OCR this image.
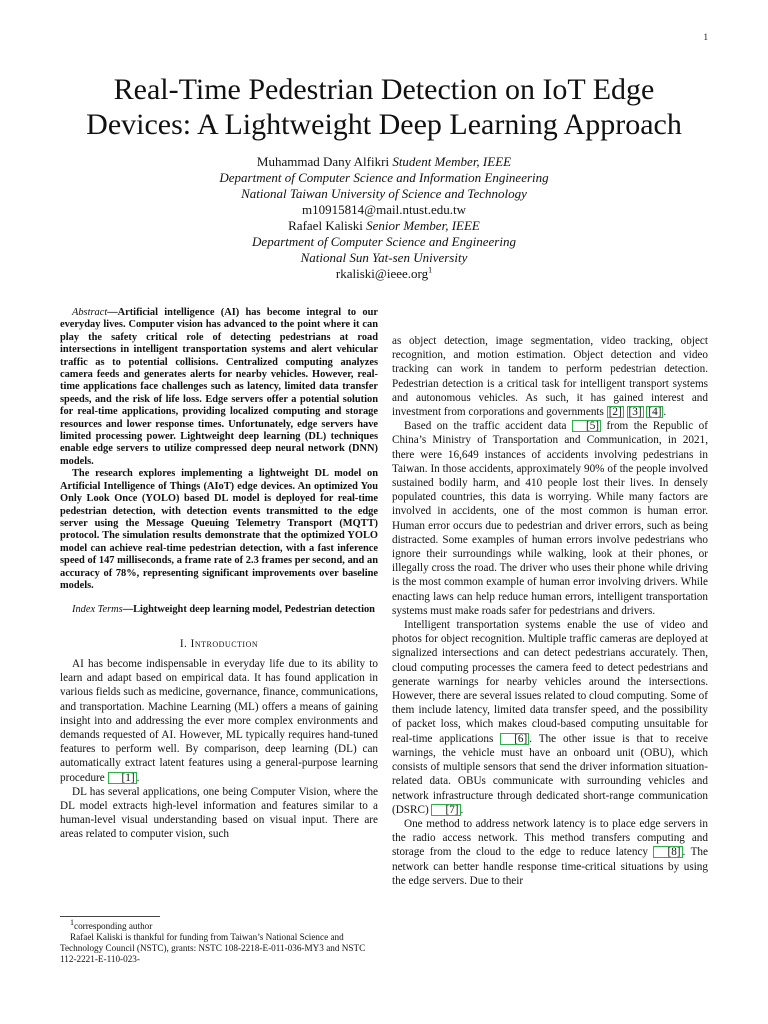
1
Real-Time Pedestrian Detection on IoT Edge
Devices: A Lightweight Deep Learning Approach
Muhammad Dany Alfikri Student Member, IEEE
Department of Computer Science and Information Engineering
National Taiwan University of Science and Technology
m10915814@mail.ntust.edu.tw
Rafael Kaliski Senior Member, IEEE
Department of Computer Science and Engineering
National Sun Yat-sen University
rkaliski@ieee.org$^1$

Abstract—Artificial intelligence (AI) has become integral to our everyday lives. Computer vision has advanced to the point where it can play the safety critical role of detecting pedestrians at road intersections in intelligent transportation systems and alert vehicular traffic as to potential collisions. Centralized computing analyzes camera feeds and generates alerts for nearby vehicles. However, real-time applications face challenges such as latency, limited data transfer speeds, and the risk of life loss. Edge servers offer a potential solution for real-time applications, providing localized computing and storage resources and lower response times. Unfortunately, edge servers have limited processing power. Lightweight deep learning (DL) techniques enable edge servers to utilize compressed deep neural network (DNN) models.

The research explores implementing a lightweight DL model on Artificial Intelligence of Things (AIoT) edge devices. An optimized You Only Look Once (YOLO) based DL model is deployed for real-time pedestrian detection, with detection events transmitted to the edge server using the Message Queuing Telemetry Transport (MQTT) protocol. The simulation results demonstrate that the optimized YOLO model can achieve real-time pedestrian detection, with a fast inference speed of 147 milliseconds, a frame rate of 2.3 frames per second, and an accuracy of 78%, representing significant improvements over baseline models.

Index Terms—Lightweight deep learning model, Pedestrian detection

I. Introduction

AI has become indispensable in everyday life due to its ability to learn and adapt based on empirical data. It has found application in various fields such as medicine, governance, finance, communications, and transportation. Machine Learning (ML) offers a means of gaining insight into and addressing the ever more complex environments and demands requested of AI. However, ML typically requires hand-tuned features to perform well. By comparison, deep learning (DL) can automatically extract latent features using a general-purpose learning procedure [1] .

DL has several applications, one being Computer Vision, where the DL model extracts high-level information and features similar to a human-level visual understanding based on visual input. There are areas related to computer vision, such

$^1$corresponding author

Rafael Kaliski is thankful for funding from Taiwan’s National Science and Technology Council (NSTC), grants: NSTC 108-2218-E-011-036-MY3 and NSTC 112-2221-E-110-023-

as object detection, image segmentation, video tracking, object recognition, and motion estimation. Object detection and video tracking can work in tandem to perform pedestrian detection. Pedestrian detection is a critical task for intelligent transport systems and autonomous vehicles. As such, it has gained interest and investment from corporations and governments [2] [3] [4] .

Based on the traffic accident data [5] from the Republic of China’s Ministry of Transportation and Communication, in 2021, there were 16,649 instances of accidents involving pedestrians in Taiwan. In those accidents, approximately 90% of the people involved sustained bodily harm, and 410 people lost their lives. In densely populated countries, this data is worrying. While many factors are involved in accidents, one of the most common is human error. Human error occurs due to pedestrian and driver errors, such as being distracted. Some examples of human errors involve pedestrians who ignore their surroundings while walking, look at their phones, or illegally cross the road. The driver who uses their phone while driving is the most common example of human error involving drivers. While enacting laws can help reduce human errors, intelligent transportation systems must make roads safer for pedestrians and drivers.

Intelligent transportation systems enable the use of video and photos for object recognition. Multiple traffic cameras are deployed at signalized intersections and can detect pedestrians accurately. Then, cloud computing processes the camera feed to detect pedestrians and generate warnings for nearby vehicles around the intersections. However, there are several issues related to cloud computing. Some of them include latency, limited data transfer speed, and the possibility of packet loss, which makes cloud-based computing unsuitable for real-time applications [6] . The other issue is that to receive warnings, the vehicle must have an onboard unit (OBU), which consists of multiple sensors that send the driver information situation-related data. OBUs communicate with surrounding vehicles and network infrastructure through dedicated short-range communication (DSRC) [7] .

One method to address network latency is to place edge servers in the radio access network. This method transfers computing and storage from the cloud to the edge to reduce latency [8] . The network can better handle response time-critical situations by using the edge servers. Due to their
